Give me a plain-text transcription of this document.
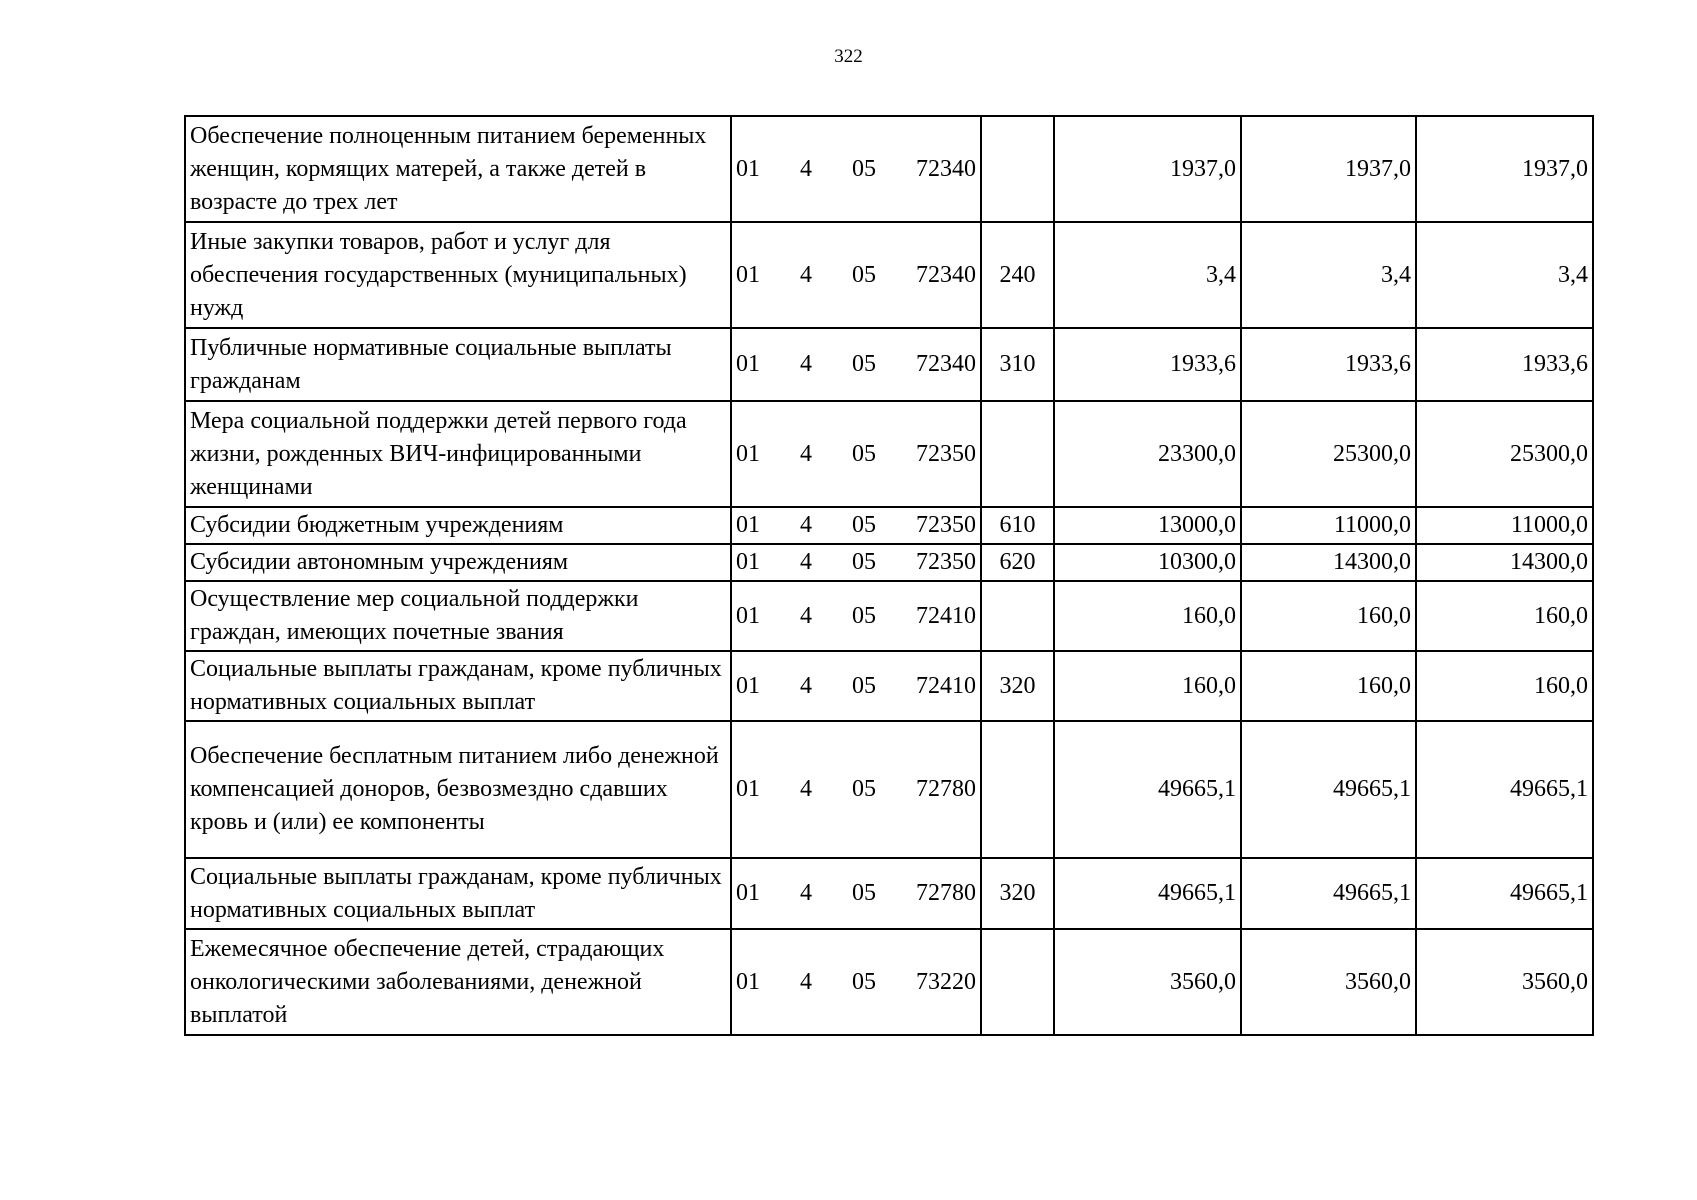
322
Обеспечение полноценным питанием беременных женщин, кормящих матерей, а также детей в возрасте до трех лет	01 4 05 72340		1937,0	1937,0	1937,0
Иные закупки товаров, работ и услуг для обеспечения государственных (муниципальных) нужд	01 4 05 72340	240	3,4	3,4	3,4
Публичные нормативные социальные выплаты гражданам	01 4 05 72340	310	1933,6	1933,6	1933,6
Мера социальной поддержки детей первого года жизни, рожденных ВИЧ-инфицированными женщинами	01 4 05 72350		23300,0	25300,0	25300,0
Субсидии бюджетным учреждениям	01 4 05 72350	610	13000,0	11000,0	11000,0
Субсидии автономным учреждениям	01 4 05 72350	620	10300,0	14300,0	14300,0
Осуществление мер социальной поддержки граждан, имеющих почетные звания	01 4 05 72410		160,0	160,0	160,0
Социальные выплаты гражданам, кроме публичных нормативных социальных выплат	01 4 05 72410	320	160,0	160,0	160,0
Обеспечение бесплатным питанием либо денежной компенсацией доноров, безвозмездно сдавших кровь и (или) ее компоненты	01 4 05 72780		49665,1	49665,1	49665,1
Социальные выплаты гражданам, кроме публичных нормативных социальных выплат	01 4 05 72780	320	49665,1	49665,1	49665,1
Ежемесячное обеспечение детей, страдающих онкологическими заболеваниями, денежной выплатой	01 4 05 73220		3560,0	3560,0	3560,0
